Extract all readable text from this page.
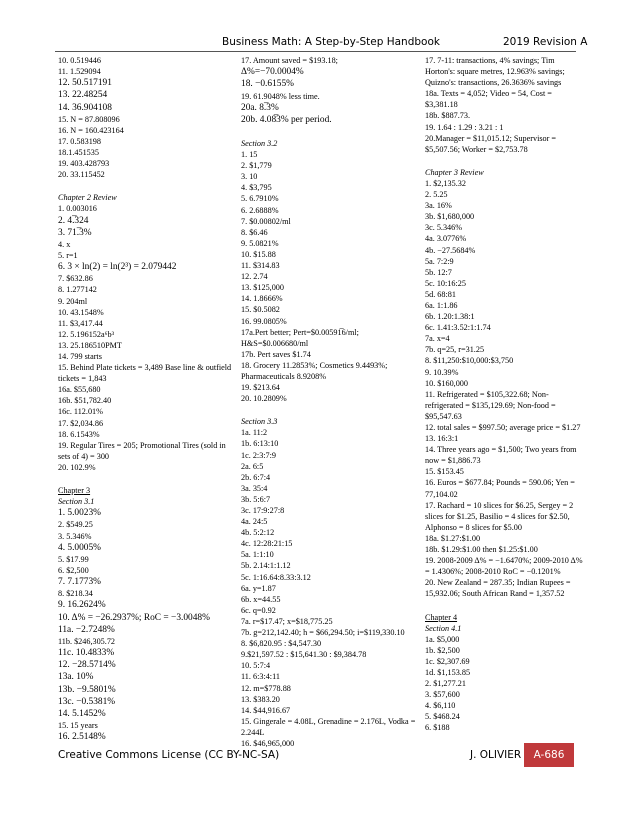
Business Math: A Step-by-Step Handbook	2019 Revision A
10. 0.519446
11. 1.529094
12. 50.517191
13. 22.48254
14. 36.904108
15. N = 87.808096
16. N = 160.423164
17. 0.583198
18.1.451535
19. 403.428793
20. 33.115452
Chapter 2 Review
1. 0.003016
2. 4.̅324
3. 71.̅3%
4. x
5. r=1
6. 3 × ln(2) = ln(2³) = 2.079442
7. $632.86
8. 1.277142
9. 204ml
10. 43.1548%
11. $3,417.44
12. 5.196152a⁶b³
13. 25.186510PMT
14. 799 starts
15. Behind Plate tickets = 3,489 Base line & outfield tickets = 1,843
16a. $55,680
16b. $51,782.40
16c. 112.01%
17. $2,034.86
18. 6.1543%
19. Regular Tires = 205; Promotional Tires (sold in sets of 4) = 300
20. 102.9%
Chapter 3
Section 3.1
1. 5.0023%
2. $549.25
3. 5.346%
4. 5.0005%
5. $17.99
6. $2,500
7. 7.1773%
8. $218.34
9. 16.2624%
10. Δ% = −26.2937%; RoC = −3.0048%
11a. −2.7248%
11b. $246,305.72
11c. 10.4833%
12. −28.5714%
13a. 10%
13b. −9.5801%
13c. −0.5381%
14. 5.1452%
15. 15 years
16. 2.5148%
17. Amount saved = $193.18;
Δ%=−70.0004%
18. −0.6155%
19. 61.9048% less time.
20a. 8.̅3%
20b. 4.08̅3% per period.
Section 3.2
1. 15
2. $1,779
3. 10
4. $3,795
5. 6.7910%
6. 2.6888%
7. $0.00802/ml
8. $6.46
9. 5.0821%
10. $15.88
11. $314.83
12. 2.74
13. $125,000
14. 1.8666%
15. $0.5082
16. 99.0805%
17a.Pert better; Pert=$0.00591̅6/ml; H&S=$0.006680/ml
17b. Pert saves $1.74
18. Grocery 11.2853%; Cosmetics 9.4493%; Pharmaceuticals 8.9208%
19. $213.64
20. 10.2809%
Section 3.3
1a. 11:2
1b. 6:13:10
1c. 2:3:7:9
2a. 6:5
2b. 6:7:4
3a. 35:4
3b. 5:6:7
3c. 17:9:27:8
4a. 24:5
4b. 5:2:12
4c. 12:28:21:15
5a. 1:1:10
5b. 2.14:1:1.12
5c. 1:16.64:8.33:3.12
6a. y=1.87
6b. x=44.55
6c. q=0.92
7a. r=$17.47; x=$18,775.25
7b. g=212,142.40; h = $66,294.50; i=$119,330.10
8. $6,820.95 : $4,547.30
9.$21,597.52 : $15,641.30 : $9,384.78
10. 5:7:4
11. 6:3:4:11
12. m=$778.88
13. $383.20
14. $44,916.67
15. Gingerale = 4.08L, Grenadine = 2.176L, Vodka = 2.244L
16. $46,965,000
17. 7-11: transactions, 4% savings; Tim Horton's: square metres, 12.963% savings; Quizno's: transactions, 26.3636% savings
18a. Texts = 4,052; Video = 54, Cost = $3,381.18
18b. $887.73.
19. 1.64 : 1.29 : 3.21 : 1
20.Manager = $11,015.12; Supervisor = $5,507.56; Worker = $2,753.78
Chapter 3 Review
1. $2,135.32
2. 5.25
3a. 16%
3b. $1,680,000
3c. 5.346%
4a. 3.0776%
4b. −27.5684%
5a. 7:2:9
5b. 12:7
5c. 10:16:25
5d. 68:81
6a. 1:1.86
6b. 1.20:1.38:1
6c. 1.41:3.52:1:1.74
7a. x=4
7b. q=25, r=31.25
8. $11,250:$10,000:$3,750
9. 10.39%
10. $160,000
11. Refrigerated = $105,322.68; Non-refrigerated = $135,129.69; Non-food = $95,547.63
12. total sales = $997.50; average price = $1.27
13. 16:3:1
14. Three years ago = $1,500; Two years from now = $1,886.73
15. $153.45
16. Euros = $677.84; Pounds = 590.06; Yen = 77,104.02
17. Rachard = 10 slices for $6.25, Sergey = 2 slices for $1.25, Basilio = 4 slices for $2.50, Alphonso = 8 slices for $5.00
18a. $1.27:$1.00
18b. $1.29:$1.00 then $1.25:$1.00
19. 2008-2009 Δ% = −1.6470%; 2009-2010 Δ% = 1.4306%; 2008-2010 RoC = −0.1201%
20. New Zealand = 287.35; Indian Rupees = 15,932.06; South African Rand = 1,357.52
Chapter 4
Section 4.1
1a. $5,000
1b. $2,500
1c. $2,307.69
1d. $1,153.85
2. $1,277.21
3. $57,600
4. $6,110
5. $468.24
6. $188
Creative Commons License (CC BY-NC-SA)	J. OLIVIER	A-686
